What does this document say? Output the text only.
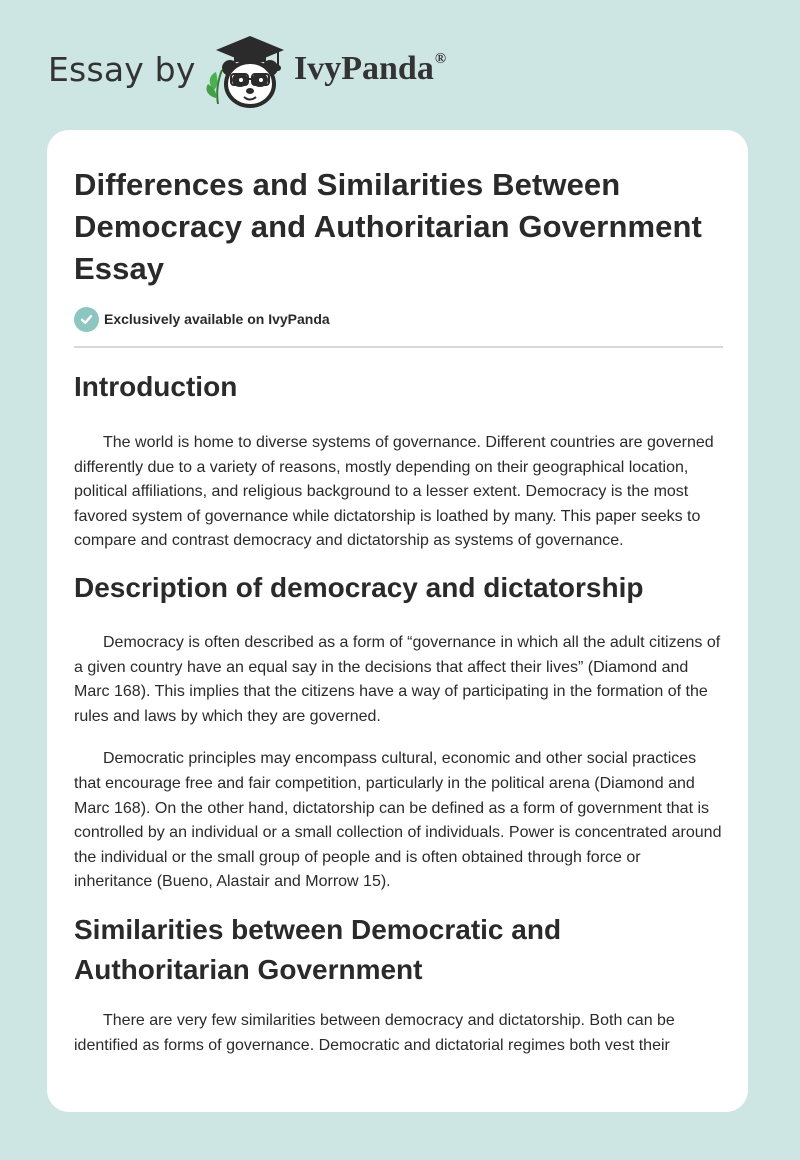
Essay by	IvyPanda®
Differences and Similarities Between Democracy and Authoritarian Government Essay
Exclusively available on IvyPanda
Introduction

The world is home to diverse systems of governance. Different countries are governed differently due to a variety of reasons, mostly depending on their geographical location, political affiliations, and religious background to a lesser extent. Democracy is the most favored system of governance while dictatorship is loathed by many. This paper seeks to compare and contrast democracy and dictatorship as systems of governance.

Description of democracy and dictatorship

Democracy is often described as a form of “governance in which all the adult citizens of a given country have an equal say in the decisions that affect their lives” (Diamond and Marc 168). This implies that the citizens have a way of participating in the formation of the rules and laws by which they are governed.

Democratic principles may encompass cultural, economic and other social practices that encourage free and fair competition, particularly in the political arena (Diamond and Marc 168). On the other hand, dictatorship can be defined as a form of government that is controlled by an individual or a small collection of individuals. Power is concentrated around the individual or the small group of people and is often obtained through force or inheritance (Bueno, Alastair and Morrow 15).

Similarities between Democratic and Authoritarian Government

There are very few similarities between democracy and dictatorship. Both can be identified as forms of governance. Democratic and dictatorial regimes both vest their
